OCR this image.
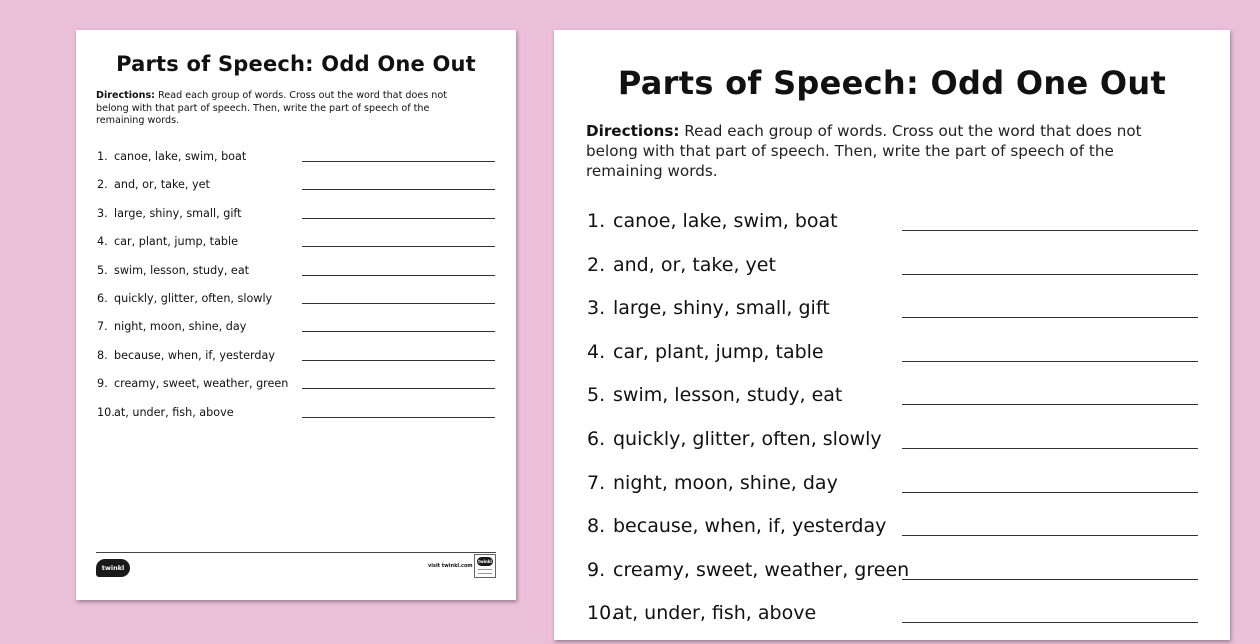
Parts of Speech: Odd One Out
Directions: Read each group of words. Cross out the word that does not belong with that part of speech. Then, write the part of speech of the remaining words.
1. canoe, lake, swim, boat
2. and, or, take, yet
3. large, shiny, small, gift
4. car, plant, jump, table
5. swim, lesson, study, eat
6. quickly, glitter, often, slowly
7. night, moon, shine, day
8. because, when, if, yesterday
9. creamy, sweet, weather, green
10. at, under, fish, above
twinkl	visit twinkl.com
twinkl
Parts of Speech: Odd One Out
Directions: Read each group of words. Cross out the word that does not belong with that part of speech. Then, write the part of speech of the remaining words.
1. canoe, lake, swim, boat
2. and, or, take, yet
3. large, shiny, small, gift
4. car, plant, jump, table
5. swim, lesson, study, eat
6. quickly, glitter, often, slowly
7. night, moon, shine, day
8. because, when, if, yesterday
9. creamy, sweet, weather, green
10.
at, under, fish, above
